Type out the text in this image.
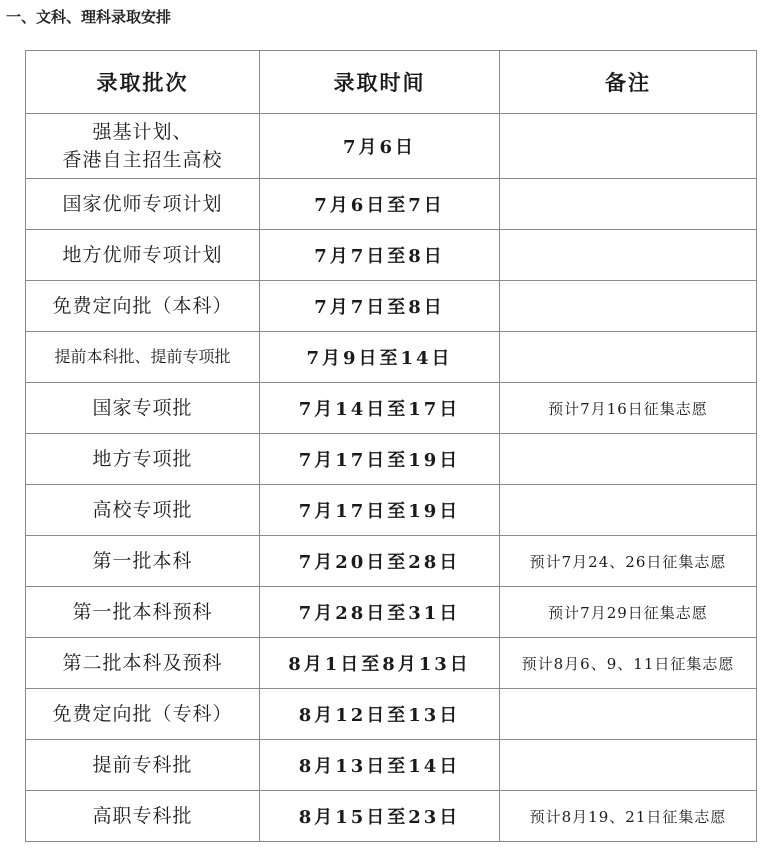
一、文科、理科录取安排
录取批次	录取时间	备注
强基计划、
香港自主招生高校	7月6日	
国家优师专项计划	7月6日至7日	
地方优师专项计划	7月7日至8日	
免费定向批（本科）	7月7日至8日	
提前本科批、提前专项批	7月9日至14日	
国家专项批	7月14日至17日	预计7月16日征集志愿
地方专项批	7月17日至19日	
高校专项批	7月17日至19日	
第一批本科	7月20日至28日	预计7月24、26日征集志愿
第一批本科预科	7月28日至31日	预计7月29日征集志愿
第二批本科及预科	8月1日至8月13日	预计8月6、9、11日征集志愿
免费定向批（专科）	8月12日至13日	
提前专科批	8月13日至14日	
高职专科批	8月15日至23日	预计8月19、21日征集志愿
